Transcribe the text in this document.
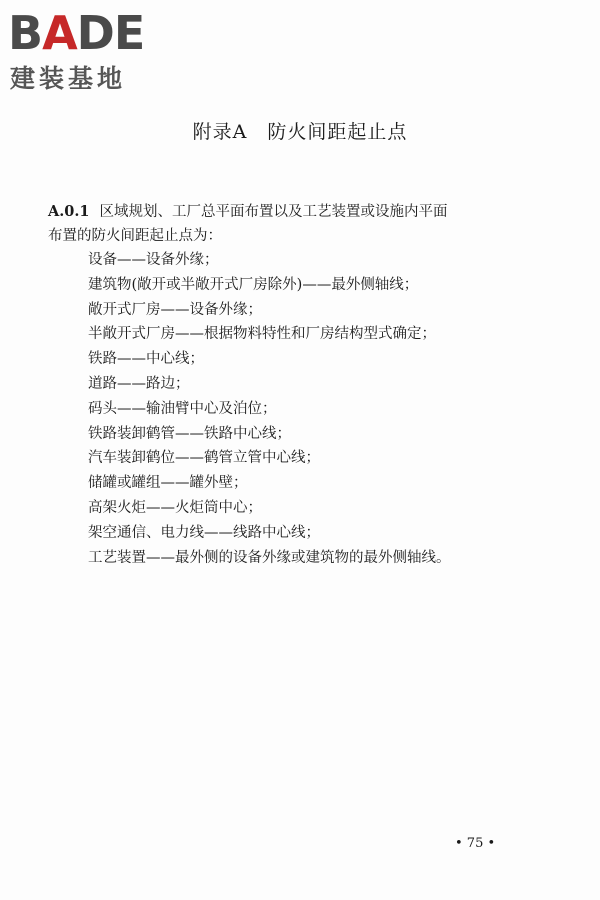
BADE
建装基地
附录A　防火间距起止点

A.0.1 区域规划、工厂总平面布置以及工艺装置或设施内平面
布置的防火间距起止点为：

设备——设备外缘；

建筑物(敞开或半敞开式厂房除外)——最外侧轴线；

敞开式厂房——设备外缘；

半敞开式厂房——根据物料特性和厂房结构型式确定；

铁路——中心线；

道路——路边；

码头——输油臂中心及泊位；

铁路装卸鹤管——铁路中心线；

汽车装卸鹤位——鹤管立管中心线；

储罐或罐组——罐外壁；

高架火炬——火炬筒中心；

架空通信、电力线——线路中心线；

工艺装置——最外侧的设备外缘或建筑物的最外侧轴线。

• 75 •
